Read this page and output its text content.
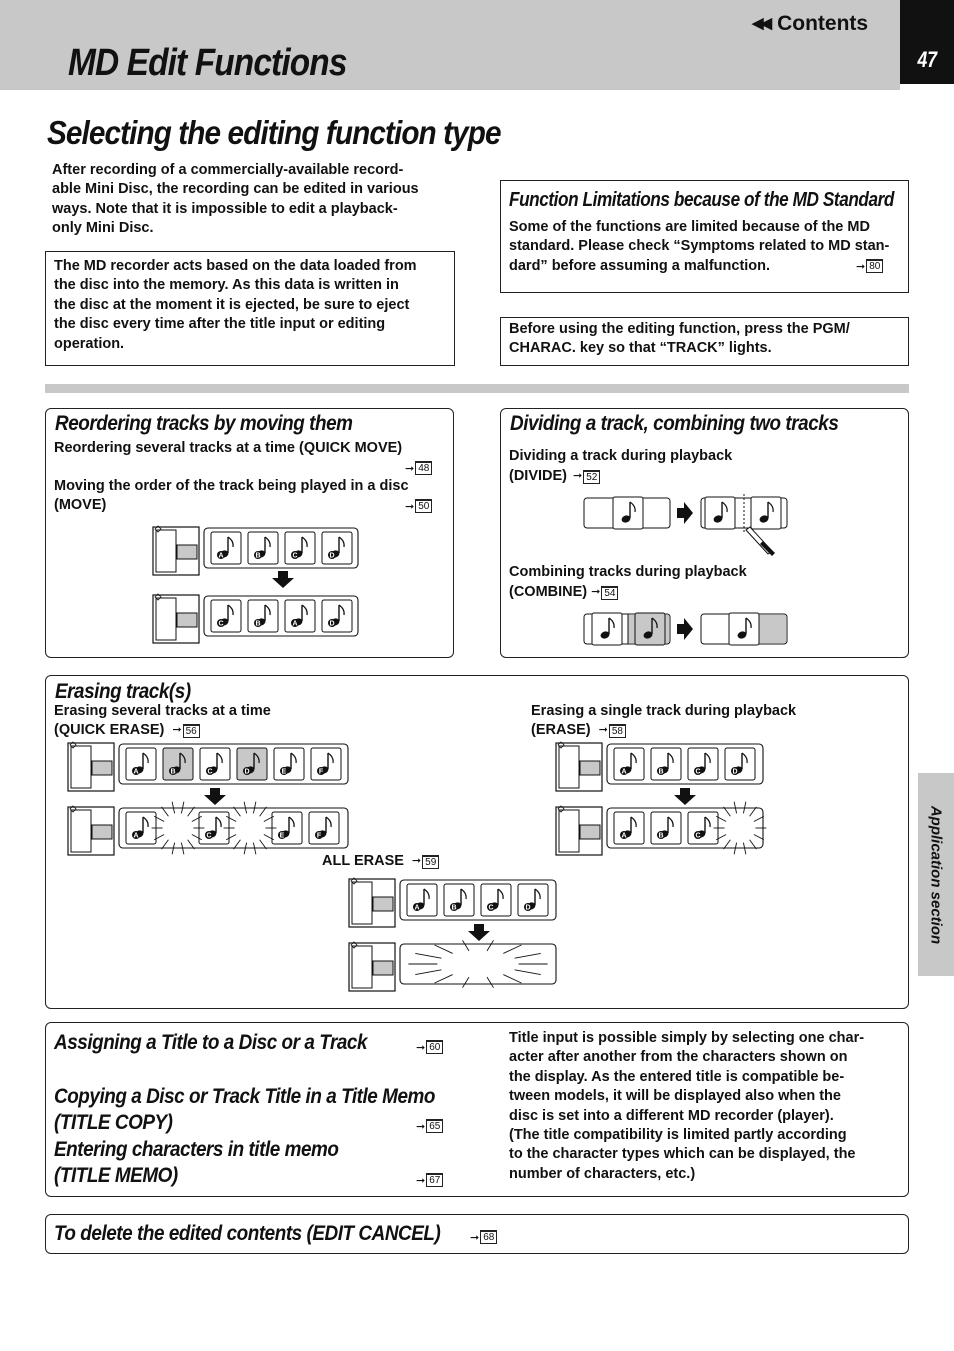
47
◀◀ Contents
MD Edit Functions
Selecting the editing function type
After recording of a commercially-available record-
able Mini Disc, the recording can be edited in various
ways. Note that it is impossible to edit a playback-
only Mini Disc.
The MD recorder acts based on the data loaded from
the disc into the memory. As this data is written in
the disc at the moment it is ejected, be sure to eject
the disc every time after the title input or editing
operation.
Function Limitations because of the MD Standard
Some of the functions are limited because of the MD
standard. Please check “Symptoms related to MD stan-
dard” before assuming a malfunction.	➞ 80
Before using the editing function, press the PGM/
CHARAC. key so that “TRACK” lights.
Reordering tracks by moving them
Reordering several tracks at a time (QUICK MOVE)
➞ 48
Moving the order of the track being played in a disc
(MOVE)	➞ 50
A	B	C	D
C	B	A	D
A	B	C	D	E	F
A	C	E	F
A	B	C	D
A	B	C
A	B	C	D
Dividing a track, combining two tracks
Dividing a track during playback
(DIVIDE) ➞ 52
Combining tracks during playback
(COMBINE) ➞ 54
Erasing track(s)
Erasing several tracks at a time
(QUICK ERASE) ➞ 56
Erasing a single track during playback
(ERASE) ➞ 58
ALL ERASE ➞ 59
Assigning a Title to a Disc or a Track	➞ 60
Copying a Disc or Track Title in a Title Memo
(TITLE COPY)	➞ 65
Entering characters in title memo
(TITLE MEMO)	➞ 67
Title input is possible simply by selecting one char-
acter after another from the characters shown on
the display. As the entered title is compatible be-
tween models, it will be displayed also when the
disc is set into a different MD recorder (player).
(The title compatibility is limited partly according
to the character types which can be displayed, the
number of characters, etc.)
To delete the edited contents (EDIT CANCEL)	➞ 68
Application section
